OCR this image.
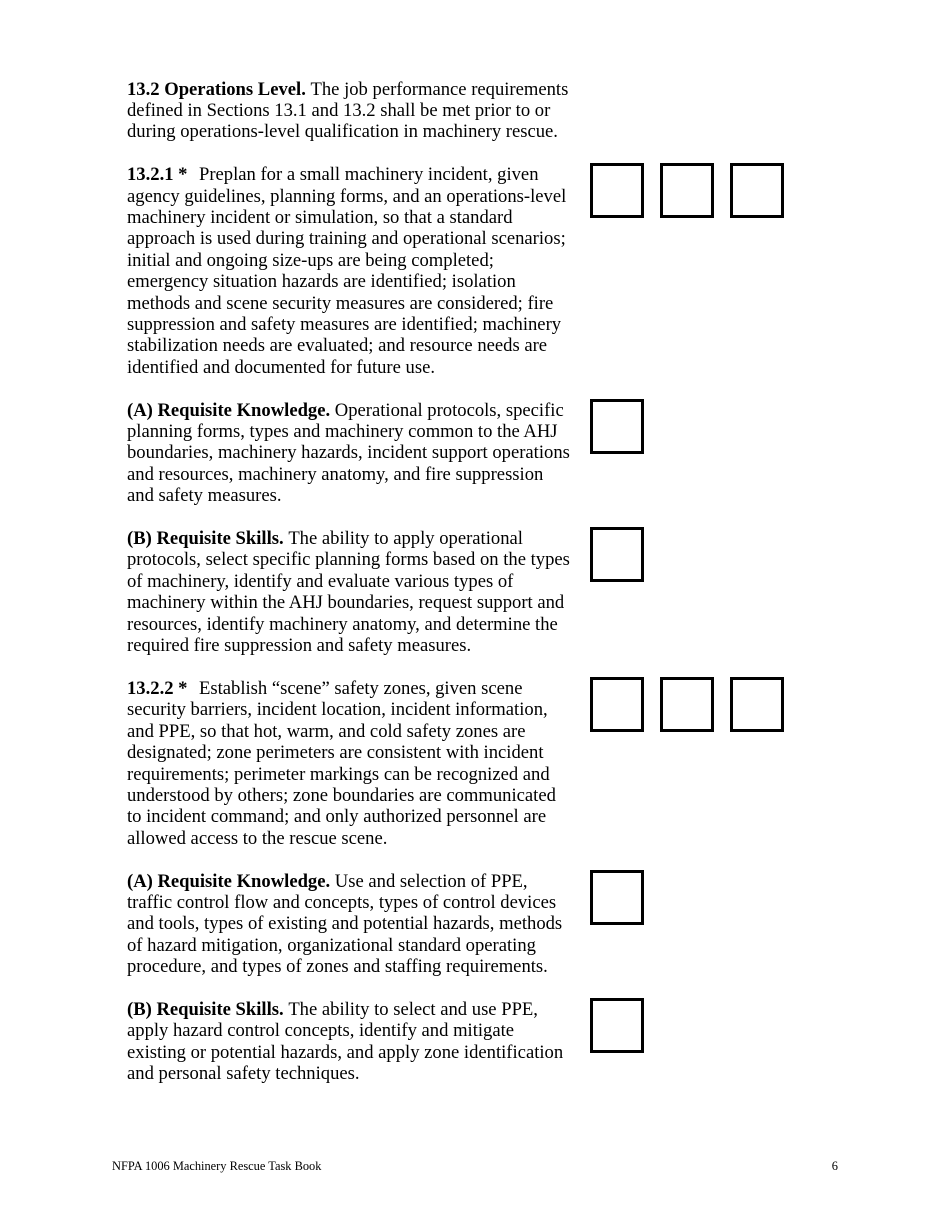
13.2 Operations Level. The job performance requirements
defined in Sections 13.1 and 13.2 shall be met prior to or
during operations-level qualification in machinery rescue.
13.2.1 * Preplan for a small machinery incident, given
agency guidelines, planning forms, and an operations-level
machinery incident or simulation, so that a standard
approach is used during training and operational scenarios;
initial and ongoing size-ups are being completed;
emergency situation hazards are identified; isolation
methods and scene security measures are considered; fire
suppression and safety measures are identified; machinery
stabilization needs are evaluated; and resource needs are
identified and documented for future use.
(A) Requisite Knowledge. Operational protocols, specific
planning forms, types and machinery common to the AHJ
boundaries, machinery hazards, incident support operations
and resources, machinery anatomy, and fire suppression
and safety measures.
(B) Requisite Skills. The ability to apply operational
protocols, select specific planning forms based on the types
of machinery, identify and evaluate various types of
machinery within the AHJ boundaries, request support and
resources, identify machinery anatomy, and determine the
required fire suppression and safety measures.
13.2.2 * Establish “scene” safety zones, given scene
security barriers, incident location, incident information,
and PPE, so that hot, warm, and cold safety zones are
designated; zone perimeters are consistent with incident
requirements; perimeter markings can be recognized and
understood by others; zone boundaries are communicated
to incident command; and only authorized personnel are
allowed access to the rescue scene.
(A) Requisite Knowledge. Use and selection of PPE,
traffic control flow and concepts, types of control devices
and tools, types of existing and potential hazards, methods
of hazard mitigation, organizational standard operating
procedure, and types of zones and staffing requirements.
(B) Requisite Skills. The ability to select and use PPE,
apply hazard control concepts, identify and mitigate
existing or potential hazards, and apply zone identification
and personal safety techniques.
NFPA 1006 Machinery Rescue Task Book	6
